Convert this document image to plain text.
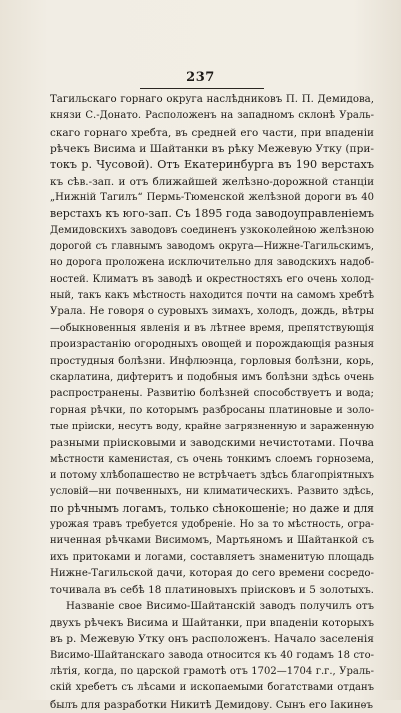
237
Тагильскаго горнаго округа наслѣдниковъ П. П. Демидова,
князи С.-Донато. Расположенъ на западномъ склонѣ Ураль-
скаго горнаго хребта, въ средней его части, при впаденіи
рѣчекъ Висима и Шайтанки въ рѣку Межевую Утку (при-
токъ р. Чусовой). Отъ Екатеринбурга въ 190 верстахъ
къ сѣв.-зап. и отъ ближайшей желѣзно-дорожной станціи
„Нижній Тагилъ“ Пермь-Тюменской желѣзной дороги въ 40
верстахъ къ юго-зап. Съ 1895 года заводоуправленіемъ
Демидовскихъ заводовъ соединенъ узкоколейною желѣзною
дорогой съ главнымъ заводомъ округа—Нижне-Тагильскимъ,
но дорога проложена исключительно для заводскихъ надоб-
ностей. Климатъ въ заводѣ и окрестностяхъ его очень холод-
ный, такъ какъ мѣстность находится почти на самомъ хребтѣ
Урала. Не говоря о суровыхъ зимахъ, холодъ, дождь, вѣтры
—обыкновенныя явленія и въ лѣтнее время, препятствующія
произрастанію огородныхъ овощей и порождающія разныя
простудныя болѣзни. Инфлюэнца, горловыя болѣзни, корь,
скарлатина, дифтеритъ и подобныя имъ болѣзни здѣсь очень
распространены. Развитію болѣзней способствуетъ и вода;
горная рѣчки, по которымъ разбросаны платиновые и золо-
тые пріиски, несутъ воду, крайне загрязненную и зараженную
разными пріисковыми и заводскими нечистотами. Почва
мѣстности каменистая, съ очень тонкимъ слоемъ горнозема,
и потому хлѣбопашество не встрѣчаетъ здѣсь благопріятныхъ
условій—ни почвенныхъ, ни климатическихъ. Развито здѣсь,
по рѣчнымъ логамъ, только сѣнокошеніе; но даже и для
урожая травъ требуется удобреніе. Но за то мѣстность, огра-
ниченная рѣчками Висимомъ, Мартьяномъ и Шайтанкой съ
ихъ притоками и логами, составляетъ знаменитую площадь
Нижне-Тагильской дачи, которая до сего времени сосредо-
точивала въ себѣ 18 платиновыхъ пріисковъ и 5 золотыхъ.
Названіе свое Висимо-Шайтанскій заводъ получилъ отъ
двухъ рѣчекъ Висима и Шайтанки, при впаденіи которыхъ
въ р. Межевую Утку онъ расположенъ. Начало заселенія
Висимо-Шайтанскаго завода относится къ 40 годамъ 18 сто-
лѣтія, когда, по царской грамотѣ отъ 1702—1704 г.г., Ураль-
скій хребетъ съ лѣсами и ископаемыми богатствами отданъ
былъ для разработки Никитѣ Демидову. Сынъ его Іакинѳъ
